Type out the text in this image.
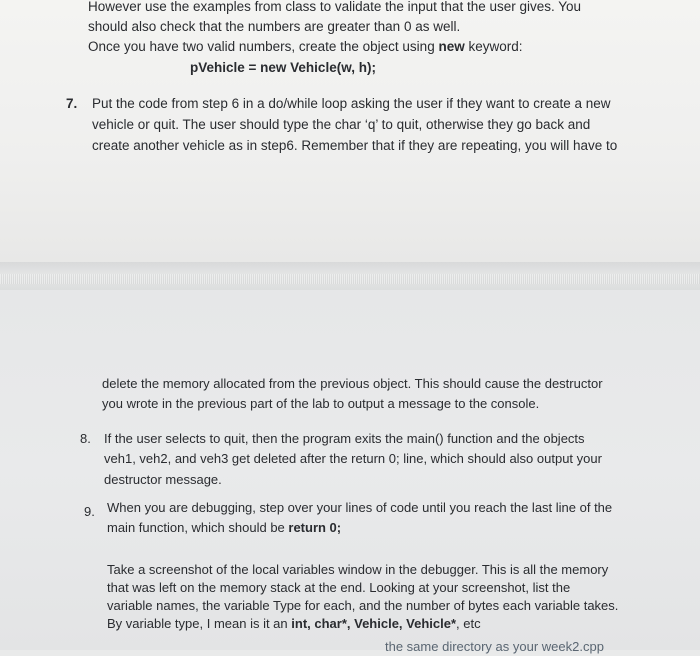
However use the examples from class to validate the input that the user gives. You
should also check that the numbers are greater than 0 as well.
Once you have two valid numbers, create the object using new keyword:
pVehicle = new Vehicle(w, h);
7. Put the code from step 6 in a do/while loop asking the user if they want to create a new
vehicle or quit. The user should type the char ‘q’ to quit, otherwise they go back and
create another vehicle as in step6. Remember that if they are repeating, you will have to
delete the memory allocated from the previous object. This should cause the destructor
you wrote in the previous part of the lab to output a message to the console.
8. If the user selects to quit, then the program exits the main() function and the objects
veh1, veh2, and veh3 get deleted after the return 0; line, which should also output your
destructor message.
9. When you are debugging, step over your lines of code until you reach the last line of the
main function, which should be return 0;
Take a screenshot of the local variables window in the debugger. This is all the memory
that was left on the memory stack at the end. Looking at your screenshot, list the
variable names, the variable Type for each, and the number of bytes each variable takes.
By variable type, I mean is it an int, char*, Vehicle, Vehicle*, etc
the same directory as your week2.cpp
